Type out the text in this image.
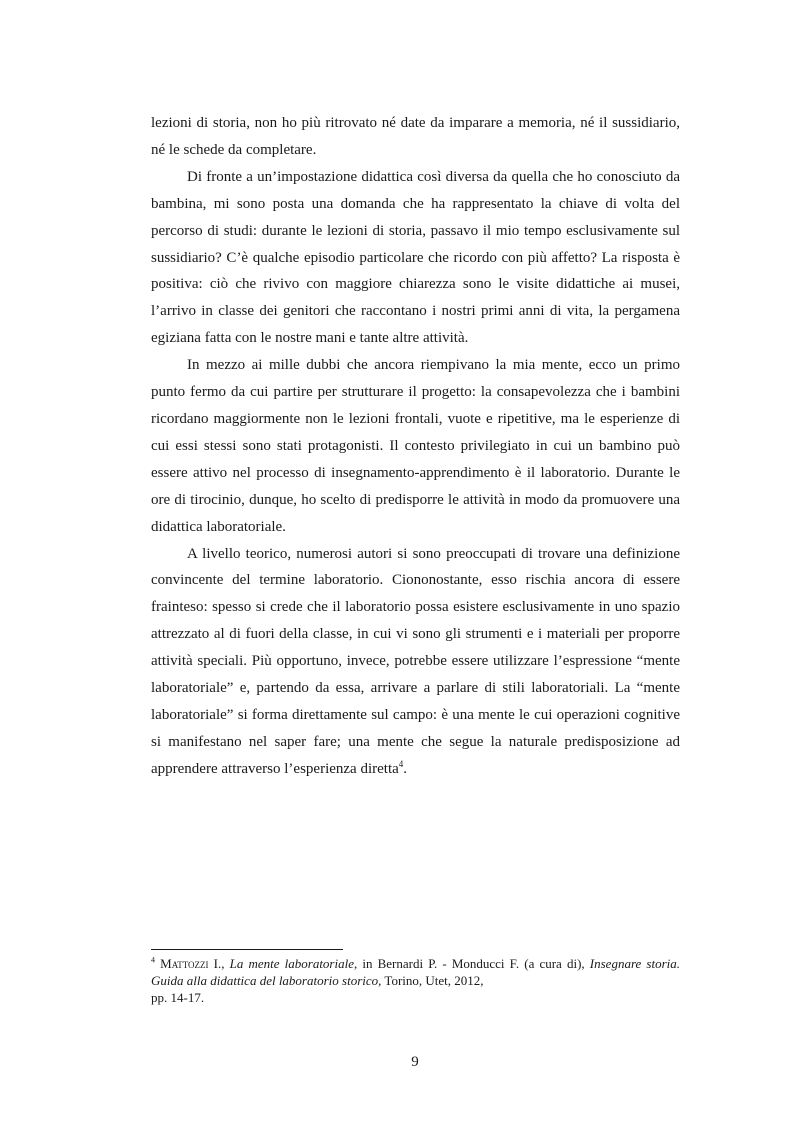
lezioni di storia, non ho più ritrovato né date da imparare a memoria, né il sussidiario, né le schede da completare.

Di fronte a un’impostazione didattica così diversa da quella che ho conosciuto da bambina, mi sono posta una domanda che ha rappresentato la chiave di volta del percorso di studi: durante le lezioni di storia, passavo il mio tempo esclusivamente sul sussidiario? C’è qualche episodio particolare che ricordo con più affetto? La risposta è positiva: ciò che rivivo con maggiore chiarezza sono le visite didattiche ai musei, l’arrivo in classe dei genitori che raccontano i nostri primi anni di vita, la pergamena egiziana fatta con le nostre mani e tante altre attività.

In mezzo ai mille dubbi che ancora riempivano la mia mente, ecco un primo punto fermo da cui partire per strutturare il progetto: la consapevolezza che i bambini ricordano maggiormente non le lezioni frontali, vuote e ripetitive, ma le esperienze di cui essi stessi sono stati protagonisti. Il contesto privilegiato in cui un bambino può essere attivo nel processo di insegnamento-apprendimento è il laboratorio. Durante le ore di tirocinio, dunque, ho scelto di predisporre le attività in modo da promuovere una didattica laboratoriale.

A livello teorico, numerosi autori si sono preoccupati di trovare una definizione convincente del termine laboratorio. Ciononostante, esso rischia ancora di essere frainteso: spesso si crede che il laboratorio possa esistere esclusivamente in uno spazio attrezzato al di fuori della classe, in cui vi sono gli strumenti e i materiali per proporre attività speciali. Più opportuno, invece, potrebbe essere utilizzare l’espressione “mente laboratoriale” e, partendo da essa, arrivare a parlare di stili laboratoriali. La “mente laboratoriale” si forma direttamente sul campo: è una mente le cui operazioni cognitive si manifestano nel saper fare; una mente che segue la naturale predisposizione ad apprendere attraverso l’esperienza diretta$^4$.

$^4$ Mattozzi I., La mente laboratoriale, in Bernardi P. - Monducci F. (a cura di), Insegnare storia. Guida alla didattica del laboratorio storico, Torino, Utet, 2012,
pp. 14-17.

9
